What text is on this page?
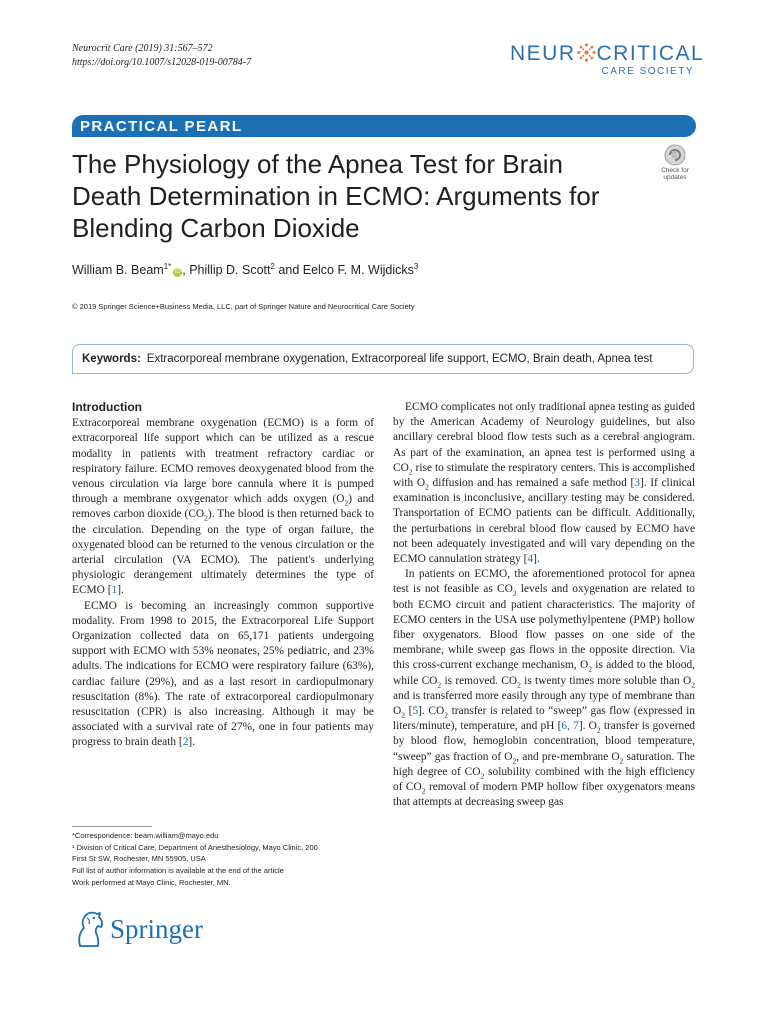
Neurocrit Care (2019) 31:567–572
https://doi.org/10.1007/s12028-019-00784-7	NEUR CRITICAL
CARE SOCIETY
PRACTICAL PEARL
The Physiology of the Apnea Test for Brain Death Determination in ECMO: Arguments for Blending Carbon Dioxide
Check for
updates
William B. Beam$^{1*}$iD , Phillip D. Scott$^2$ and Eelco F. M. Wijdicks$^3$
© 2019 Springer Science+Business Media, LLC, part of Springer Nature and Neurocritical Care Society
Keywords: Extracorporeal membrane oxygenation, Extracorporeal life support, ECMO, Brain death, Apnea test
Introduction

Extracorporeal membrane oxygenation (ECMO) is a form of extracorporeal life support which can be utilized as a rescue modality in patients with treatment refractory cardiac or respiratory failure. ECMO removes deoxygenated blood from the venous circulation via large bore cannula where it is pumped through a membrane oxygenator which adds oxygen $(O_2)$ and removes carbon dioxide $(CO_2)$. The blood is then returned back to the circulation. Depending on the type of organ failure, the oxygenated blood can be returned to the venous circulation or the arterial circulation (VA ECMO). The patient's underlying physiologic derangement ultimately determines the type of ECMO [1].

ECMO is becoming an increasingly common supportive modality. From 1998 to 2015, the Extracorporeal Life Support Organization collected data on 65,171 patients undergoing support with ECMO with 53% neonates, 25% pediatric, and 23% adults. The indications for ECMO were respiratory failure (63%), cardiac failure (29%), and as a last resort in cardiopulmonary resuscitation (8%). The rate of extracorporeal cardiopulmonary resuscitation (CPR) is also increasing. Although it may be associated with a survival rate of 27%, one in four patients may progress to brain death [2].

ECMO complicates not only traditional apnea testing as guided by the American Academy of Neurology guidelines, but also ancillary cerebral blood flow tests such as a cerebral angiogram. As part of the examination, an apnea test is performed using a $CO_2$ rise to stimulate the respiratory centers. This is accomplished with $O_2$ diffusion and has remained a safe method [3]. If clinical examination is inconclusive, ancillary testing may be considered. Transportation of ECMO patients can be difficult. Additionally, the perturbations in cerebral blood flow caused by ECMO have not been adequately investigated and will vary depending on the ECMO cannulation strategy [4].

In patients on ECMO, the aforementioned protocol for apnea test is not feasible as $CO_2$ levels and oxygenation are related to both ECMO circuit and patient characteristics. The majority of ECMO centers in the USA use polymethylpentene (PMP) hollow fiber oxygenators. Blood flow passes on one side of the membrane, while sweep gas flows in the opposite direction. Via this cross-current exchange mechanism, $O_2$ is added to the blood, while $CO_2$ is removed. $CO_2$ is twenty times more soluble than $O_2$ and is transferred more easily through any type of membrane than $O_2$ [5]. $CO_2$ transfer is related to “sweep” gas flow (expressed in liters/minute), temperature, and pH [6, 7]. $O_2$ transfer is governed by blood flow, hemoglobin concentration, blood temperature, “sweep” gas fraction of $O_2$, and pre-membrane $O_2$ saturation. The high degree of $CO_2$ solubility combined with the high efficiency of $CO_2$ removal of modern PMP hollow fiber oxygenators means that attempts at decreasing sweep gas

*Correspondence: beam.william@mayo.edu
¹ Division of Critical Care, Department of Anesthesiology, Mayo Clinic, 200
First St SW, Rochester, MN 55905, USA
Full list of author information is available at the end of the article
Work performed at Mayo Clinic, Rochester, MN.
Springer
